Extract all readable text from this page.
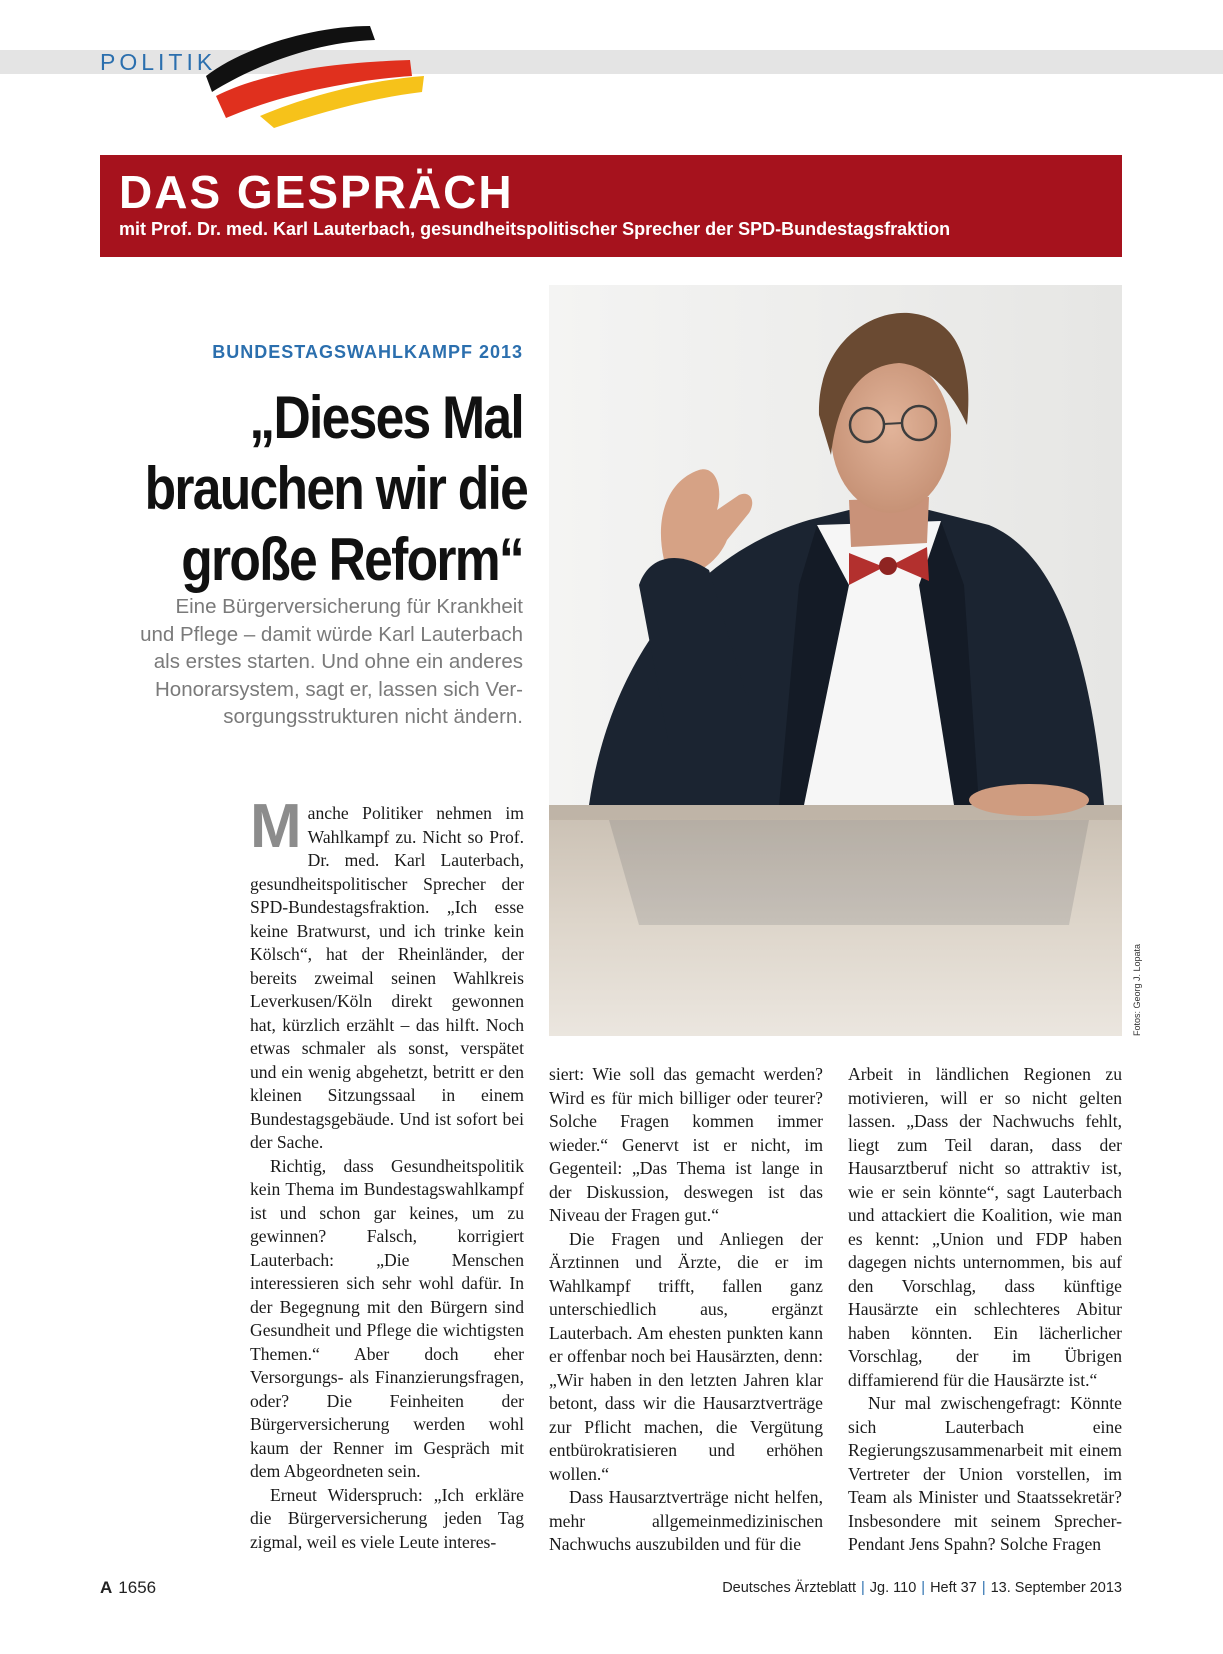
POLITIK
DAS GESPRÄCH
mit Prof. Dr. med. Karl Lauterbach, gesundheitspolitischer Sprecher der SPD-Bundestagsfraktion
BUNDESTAGSWAHLKAMPF 2013
„Dieses Mal
brauchen wir die
große Reform“
Eine Bürgerversicherung für Krankheit
und Pflege – damit würde Karl Lauterbach
als erstes starten. Und ohne ein anderes
Honorarsystem, sagt er, lassen sich Ver-
sorgungsstrukturen nicht ändern.
Fotos: Georg J. Lopata

Manche Politiker nehmen im Wahlkampf zu. Nicht so Prof. Dr. med. Karl Lauterbach, gesundheitspolitischer Sprecher der SPD-Bundestagsfraktion. „Ich esse keine Bratwurst, und ich trinke kein Kölsch“, hat der Rheinländer, der bereits zweimal seinen Wahlkreis Leverkusen/Köln direkt gewonnen hat, kürzlich erzählt – das hilft. Noch etwas schmaler als sonst, verspätet und ein wenig abgehetzt, betritt er den kleinen Sitzungssaal in einem Bundestagsgebäude. Und ist sofort bei der Sache.

Richtig, dass Gesundheitspolitik kein Thema im Bundestagswahlkampf ist und schon gar keines, um zu gewinnen? Falsch, korrigiert Lauterbach: „Die Menschen interessieren sich sehr wohl dafür. In der Begegnung mit den Bürgern sind Gesundheit und Pflege die wichtigsten Themen.“ Aber doch eher Versorgungs- als Finanzierungsfragen, oder? Die Feinheiten der Bürgerversicherung werden wohl kaum der Renner im Gespräch mit dem Abgeordneten sein.

Erneut Widerspruch: „Ich erkläre die Bürgerversicherung jeden Tag zigmal, weil es viele Leute interes-

siert: Wie soll das gemacht werden? Wird es für mich billiger oder teurer? Solche Fragen kommen immer wieder.“ Genervt ist er nicht, im Gegenteil: „Das Thema ist lange in der Diskussion, deswegen ist das Niveau der Fragen gut.“

Die Fragen und Anliegen der Ärztinnen und Ärzte, die er im Wahlkampf trifft, fallen ganz unterschiedlich aus, ergänzt Lauterbach. Am ehesten punkten kann er offenbar noch bei Hausärzten, denn: „Wir haben in den letzten Jahren klar betont, dass wir die Hausarztverträge zur Pflicht machen, die Vergütung entbürokratisieren und erhöhen wollen.“

Dass Hausarztverträge nicht helfen, mehr allgemeinmedizinischen Nachwuchs auszubilden und für die

Arbeit in ländlichen Regionen zu motivieren, will er so nicht gelten lassen. „Dass der Nachwuchs fehlt, liegt zum Teil daran, dass der Hausarztberuf nicht so attraktiv ist, wie er sein könnte“, sagt Lauterbach und attackiert die Koalition, wie man es kennt: „Union und FDP haben dagegen nichts unternommen, bis auf den Vorschlag, dass künftige Hausärzte ein schlechteres Abitur haben könnten. Ein lächerlicher Vorschlag, der im Übrigen diffamierend für die Hausärzte ist.“

Nur mal zwischengefragt: Könnte sich Lauterbach eine Regierungszusammenarbeit mit einem Vertreter der Union vorstellen, im Team als Minister und Staatssekretär? Insbesondere mit seinem Sprecher-Pendant Jens Spahn? Solche Fragen

A 1656	Deutsches Ärzteblatt | Jg. 110 | Heft 37 | 13. September 2013
